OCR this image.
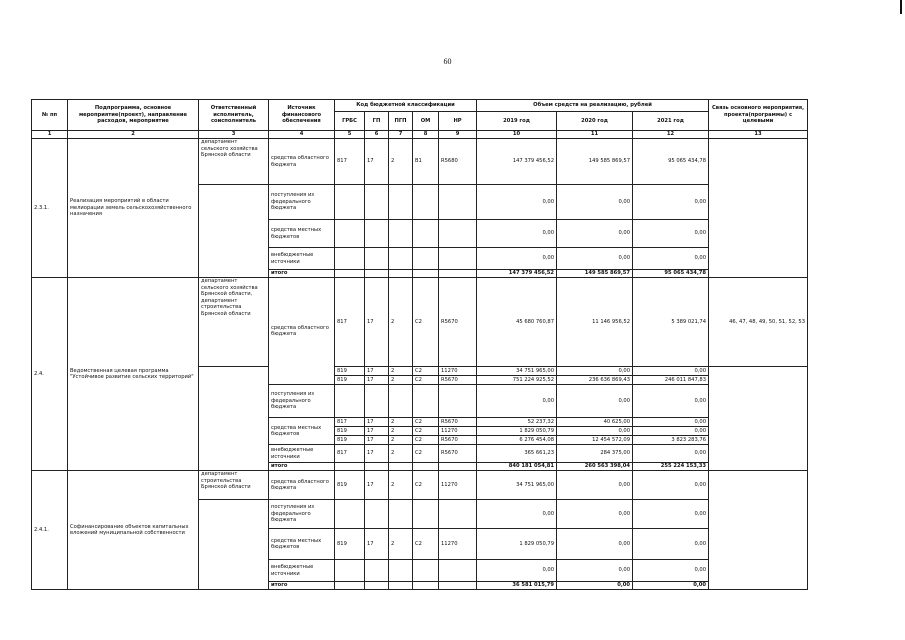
60
№ пп	Подпрограмма, основное мероприятие(проект), направление расходов, мероприятие	Ответственный исполнитель, соисполнитель	Источник финансового обеспечения	Код бюджетной классификации					Объем средств на реализацию, рублей			Связь основного мероприятия, проекта(программы) с целевыми
				ГРБС	ГП	ПГП	ОМ	НР	2019 год	2020 год	2021 год	
1	2	3	4	5	6	7	8	9	10	11	12	13
2.3.1.	Реализация мероприятий в области мелиорации земель сельскохозяйственного назначения	департамент сельского хозяйства Брянской области	средства областного бюджета	817	17	2	В1	R5680	147 379 456,52	149 585 869,57	95 065 434,78	
			поступления из федерального бюджета						0,00	0,00	0,00	
			средства местных бюджетов						0,00	0,00	0,00	
			внебюджетные источники						0,00	0,00	0,00	
			итого						147 379 456,52	149 585 869,57	95 065 434,78	
2.4.	Ведомственная целевая программа "Устойчивое развитие сельских территорий"	департамент сельского хозяйства Брянской области, департамент строительства Брянской области	средства областного бюджета	817	17	2	С2	R5670	45 680 760,87	11 146 956,52	5 389 021,74	46, 47, 48, 49, 50, 51, 52, 53
				819	17	2	С2	11270	34 751 965,00	0,00	0,00	
				819	17	2	С2	R5670	751 224 925,52	236 636 869,43	246 011 847,83	
			поступления из федерального бюджета						0,00	0,00	0,00	
			средства местных бюджетов	817	17	2	С2	R5670	52 237,32	40 625,00	0,00	
				819	17	2	С2	11270	1 829 050,79	0,00	0,00	
				819	17	2	С2	R5670	6 276 454,08	12 454 572,09	3 823 283,76	
			внебюджетные источники	817	17	2	С2	R5670	365 661,23	284 375,00	0,00	
			итого						840 181 054,81	260 563 398,04	255 224 153,33	
2.4.1.	Софинансирование объектов капитальных вложений муниципальной собственности	департамент строительства Брянской области	средства областного бюджета	819	17	2	С2	11270	34 751 965,00	0,00	0,00	
			поступления из федерального бюджета						0,00	0,00	0,00	
			средства местных бюджетов	819	17	2	С2	11270	1 829 050,79	0,00	0,00	
			внебюджетные источники						0,00	0,00	0,00	
			итого						36 581 015,79	0,00	0,00	
